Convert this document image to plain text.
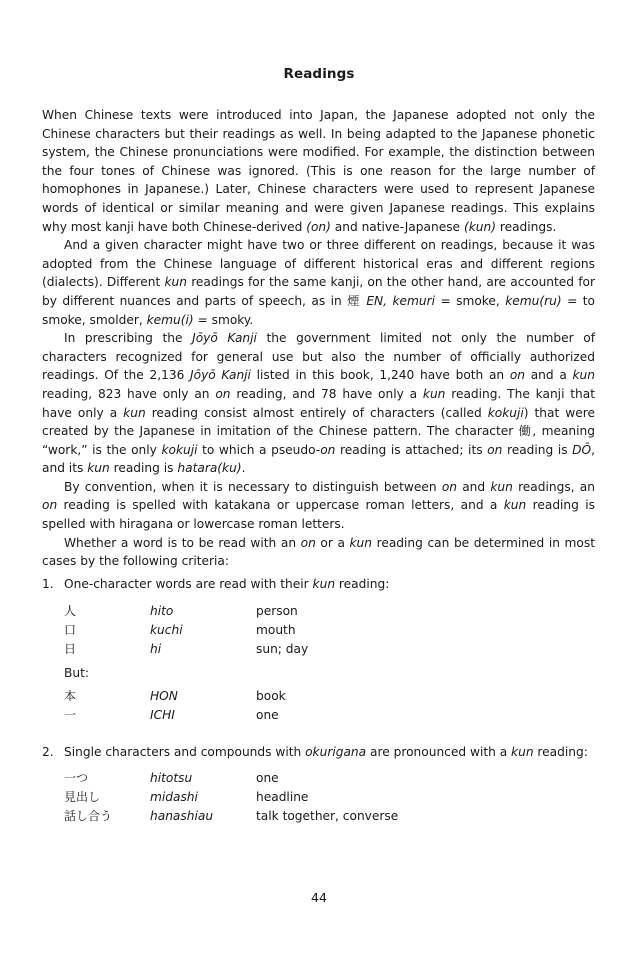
Readings

When Chinese texts were introduced into Japan, the Japanese adopted not only the Chinese characters but their readings as well. In being adapted to the Japanese phonetic system, the Chinese pronunciations were modified. For example, the distinction between the four tones of Chinese was ignored. (This is one reason for the large number of homophones in Japanese.) Later, Chinese characters were used to represent Japanese words of identical or similar meaning and were given Japanese readings. This explains why most kanji have both Chinese-derived (on) and native-Japanese (kun) readings.

And a given character might have two or three different on readings, because it was adopted from the Chinese language of different historical eras and different regions (dialects). Different kun readings for the same kanji, on the other hand, are accounted for by different nuances and parts of speech, as in 煙 EN, kemuri = smoke, kemu(ru) = to smoke, smolder, kemu(i) = smoky.

In prescribing the Jōyō Kanji the government limited not only the number of characters recognized for general use but also the number of officially authorized readings. Of the 2,136 Jōyō Kanji listed in this book, 1,240 have both an on and a kun reading, 823 have only an on reading, and 78 have only a kun reading. The kanji that have only a kun reading consist almost entirely of characters (called kokuji) that were created by the Japanese in imitation of the Chinese pattern. The character 働, meaning “work,” is the only kokuji to which a pseudo-on reading is attached; its on reading is DŌ, and its kun reading is hatara(ku).

By convention, when it is necessary to distinguish between on and kun readings, an on reading is spelled with katakana or uppercase roman letters, and a kun reading is spelled with hiragana or lowercase roman letters.

Whether a word is to be read with an on or a kun reading can be determined in most cases by the following criteria:

1. One-character words are read with their kun reading:
人	hito	person
口	kuchi	mouth
日	hi	sun; day
But:
本	HON	book
一	ICHI	one
2. Single characters and compounds with okurigana are pronounced with a kun reading:
一つ	hitotsu	one
見出し	midashi	headline
話し合う	hanashiau	talk together, converse
44
